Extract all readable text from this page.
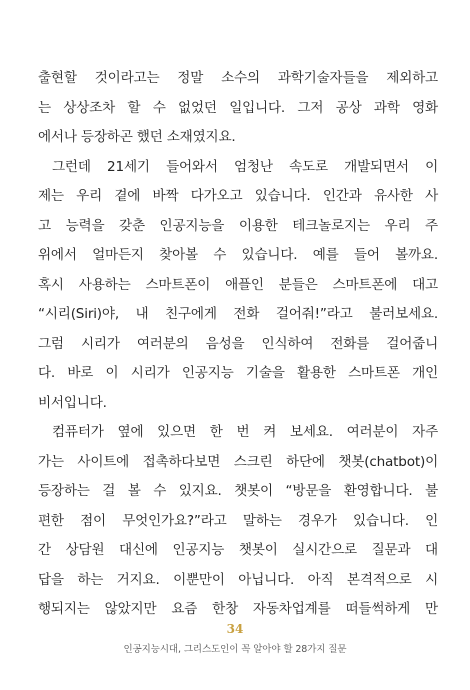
출현할 것이라고는 정말 소수의 과학기술자들을 제외하고
는 상상조차 할 수 없었던 일입니다. 그저 공상 과학 영화
에서나 등장하곤 했던 소재였지요.
그런데 21세기 들어와서 엄청난 속도로 개발되면서 이
제는 우리 곁에 바짝 다가오고 있습니다. 인간과 유사한 사
고 능력을 갖춘 인공지능을 이용한 테크놀로지는 우리 주
위에서 얼마든지 찾아볼 수 있습니다. 예를 들어 볼까요.
혹시 사용하는 스마트폰이 애플인 분들은 스마트폰에 대고
“시리(Siri)야, 내 친구에게 전화 걸어줘!”라고 불러보세요.
그럼 시리가 여러분의 음성을 인식하여 전화를 걸어줍니
다. 바로 이 시리가 인공지능 기술을 활용한 스마트폰 개인
비서입니다.
컴퓨터가 옆에 있으면 한 번 켜 보세요. 여러분이 자주
가는 사이트에 접촉하다보면 스크린 하단에 챗봇(chatbot)이
등장하는 걸 볼 수 있지요. 챗봇이 “방문을 환영합니다. 불
편한 점이 무엇인가요?”라고 말하는 경우가 있습니다. 인
간 상담원 대신에 인공지능 챗봇이 실시간으로 질문과 대
답을 하는 거지요. 이뿐만이 아닙니다. 아직 본격적으로 시
행되지는 않았지만 요즘 한창 자동차업계를 떠들썩하게 만
34
인공지능시대, 그리스도인이 꼭 알아야 할 28가지 질문
